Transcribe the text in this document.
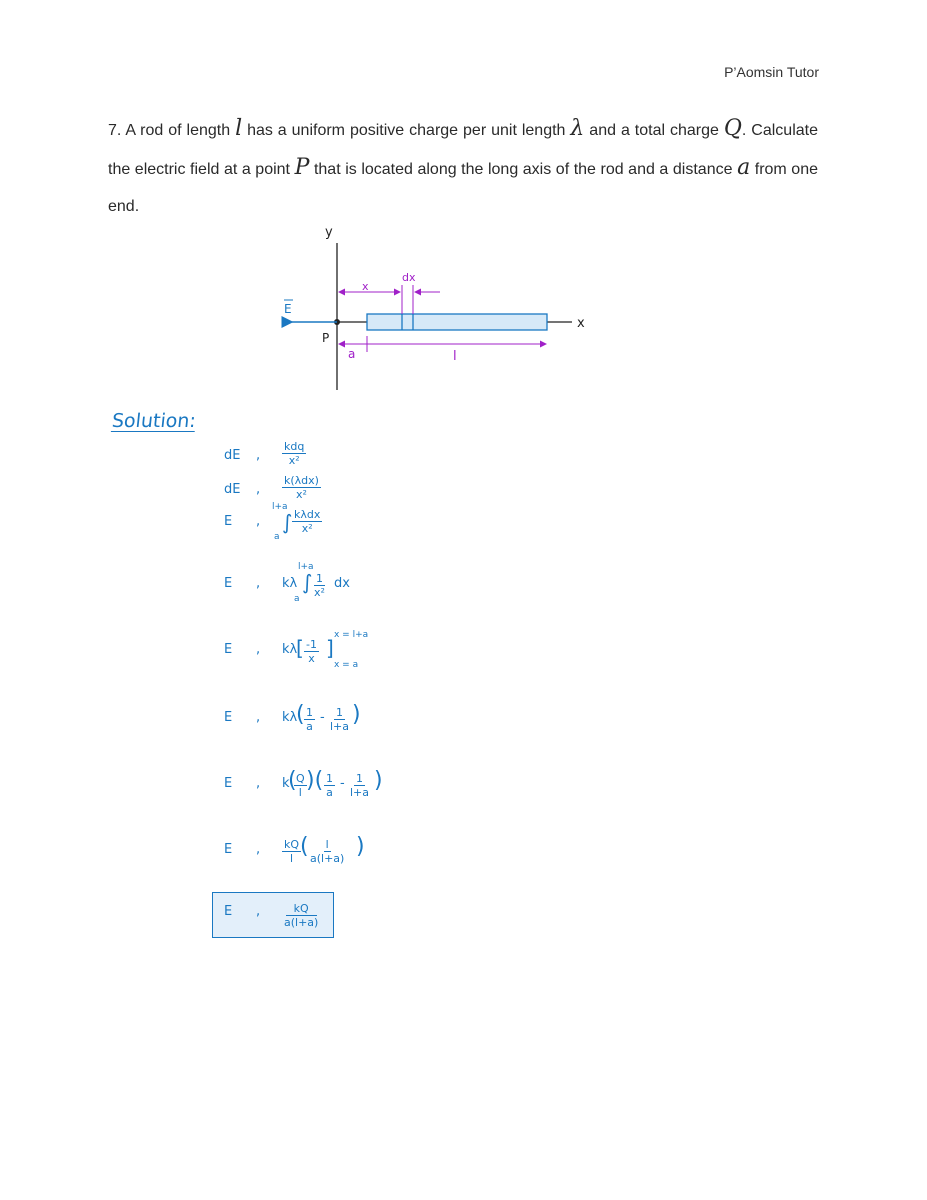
P’Aomsin Tutor
7. A rod of length l has a uniform positive charge per unit length λ and a total charge Q. Calculate the electric field at a point P that is located along the long axis of the rod and a distance a from one end.
y
x
P
E
x
dx
a	l
Solution:
dE , $\frac{\text{kdq}}{\text{x²}}$
dE , $\frac{\text{k(λdx)}}{\text{x²}}$
E ,
l+a
∫
a
kλdx
x²
E , kλ
l+a
∫
a $\frac{1}{\text{x²}}$ dx
E , kλ
[ $\frac{-1}{x}$ ]
x = l+a
x = a
E , kλ
( $\frac{1}{a} - \frac{1}{l+a}$ )
E , k
(
$\frac{Q}{l}$ )( $\frac{1}{a} - \frac{1}{l+a}$ )
E , $\frac{kQ}{l}$
( $\frac{l}{a(l+a)}$ )
E , $\frac{kQ}{a(l+a)}$
